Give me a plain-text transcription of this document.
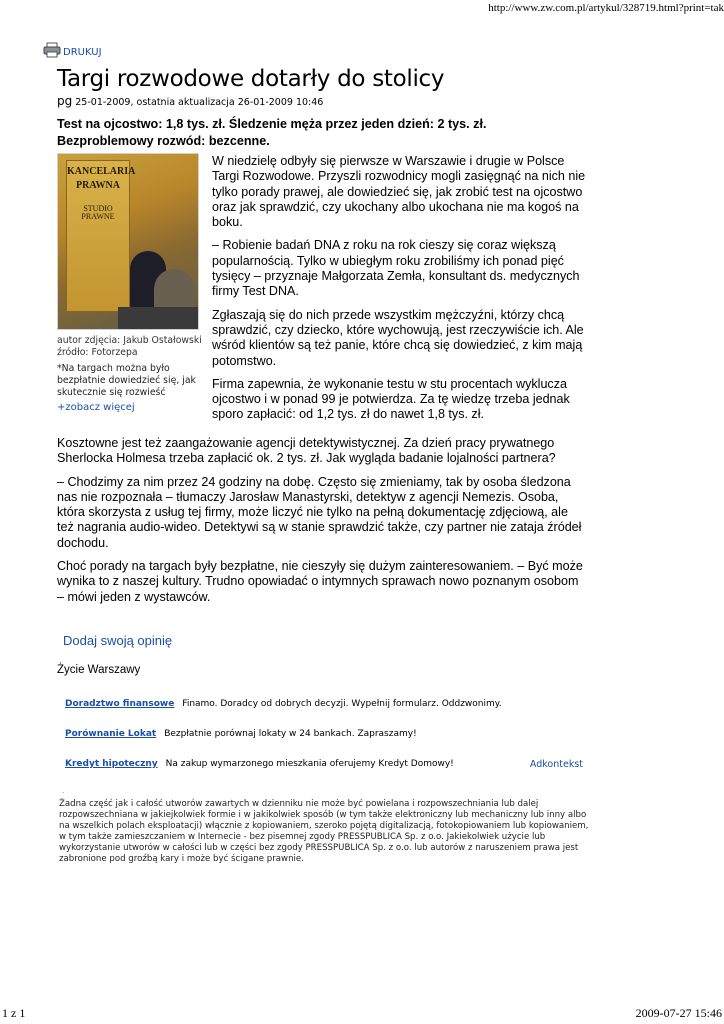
http://www.zw.com.pl/artykul/328719.html?print=tak
DRUKUJ
Targi rozwodowe dotarły do stolicy
pg 25-01-2009, ostatnia aktualizacja 26-01-2009 10:46

Test na ojcostwo: 1,8 tys. zł. Śledzenie męża przez jeden dzień: 2 tys. zł. Bezproblemowy rozwód: bezcenne.

KANCELARIA
PRAWNA
STUDIO PRAWNE

autor zdjęcia: Jakub Ostałowski

źródło: Fotorzepa

*Na targach można było bezpłatnie dowiedzieć się, jak skutecznie się rozwieść

+zobacz więcej

W niedzielę odbyły się pierwsze w Warszawie i drugie w Polsce Targi Rozwodowe. Przyszli rozwodnicy mogli zasięgnąć na nich nie tylko porady prawej, ale dowiedzieć się, jak zrobić test na ojcostwo oraz jak sprawdzić, czy ukochany albo ukochana nie ma kogoś na boku.

– Robienie badań DNA z roku na rok cieszy się coraz większą popularnością. Tylko w ubiegłym roku zrobiliśmy ich ponad pięć tysięcy – przyznaje Małgorzata Zemła, konsultant ds. medycznych firmy Test DNA.

Zgłaszają się do nich przede wszystkim mężczyźni, którzy chcą sprawdzić, czy dziecko, które wychowują, jest rzeczywiście ich. Ale wśród klientów są też panie, które chcą się dowiedzieć, z kim mają potomstwo.

Firma zapewnia, że wykonanie testu w stu procentach wyklucza ojcostwo i w ponad 99 je potwierdza. Za tę wiedzę trzeba jednak sporo zapłacić: od 1,2 tys. zł do nawet 1,8 tys. zł.

Kosztowne jest też zaangażowanie agencji detektywistycznej. Za dzień pracy prywatnego Sherlocka Holmesa trzeba zapłacić ok. 2 tys. zł. Jak wygląda badanie lojalności partnera?

– Chodzimy za nim przez 24 godziny na dobę. Często się zmieniamy, tak by osoba śledzona nas nie rozpoznała – tłumaczy Jarosław Manastyrski, detektyw z agencji Nemezis. Osoba, która skorzysta z usług tej firmy, może liczyć nie tylko na pełną dokumentację zdjęciową, ale też nagrania audio-wideo. Detektywi są w stanie sprawdzić także, czy partner nie zataja źródeł dochodu.

Choć porady na targach były bezpłatne, nie cieszyły się dużym zainteresowaniem. – Być może wynika to z naszej kultury. Trudno opowiadać o intymnych sprawach nowo poznanym osobom – mówi jeden z wystawców.

Dodaj swoją opinię
Życie Warszawy
Doradztwo finansowe Finamo. Doradcy od dobrych decyzji. Wypełnij formularz. Oddzwonimy.
Porównanie Lokat Bezpłatnie porównaj lokaty w 24 bankach. Zapraszamy!
Kredyt hipoteczny Na zakup wymarzonego mieszkania oferujemy Kredyt Domowy!	Adkontekst
.

Żadna część jak i całość utworów zawartych w dzienniku nie może być powielana i rozpowszechniania lub dalej rozpowszechniana w jakiejkolwiek formie i w jakikolwiek sposób (w tym także elektroniczny lub mechaniczny lub inny albo na wszelkich polach eksploatacji) włącznie z kopiowaniem, szeroko pojętą digitalizacją, fotokopiowaniem lub kopiowaniem, w tym także zamieszczaniem w Internecie - bez pisemnej zgody PRESSPUBLICA Sp. z o.o. Jakiekolwiek użycie lub wykorzystanie utworów w całości lub w części bez zgody PRESSPUBLICA Sp. z o.o. lub autorów z naruszeniem prawa jest zabronione pod groźbą kary i może być ścigane prawnie.

1 z 1	2009-07-27 15:46
